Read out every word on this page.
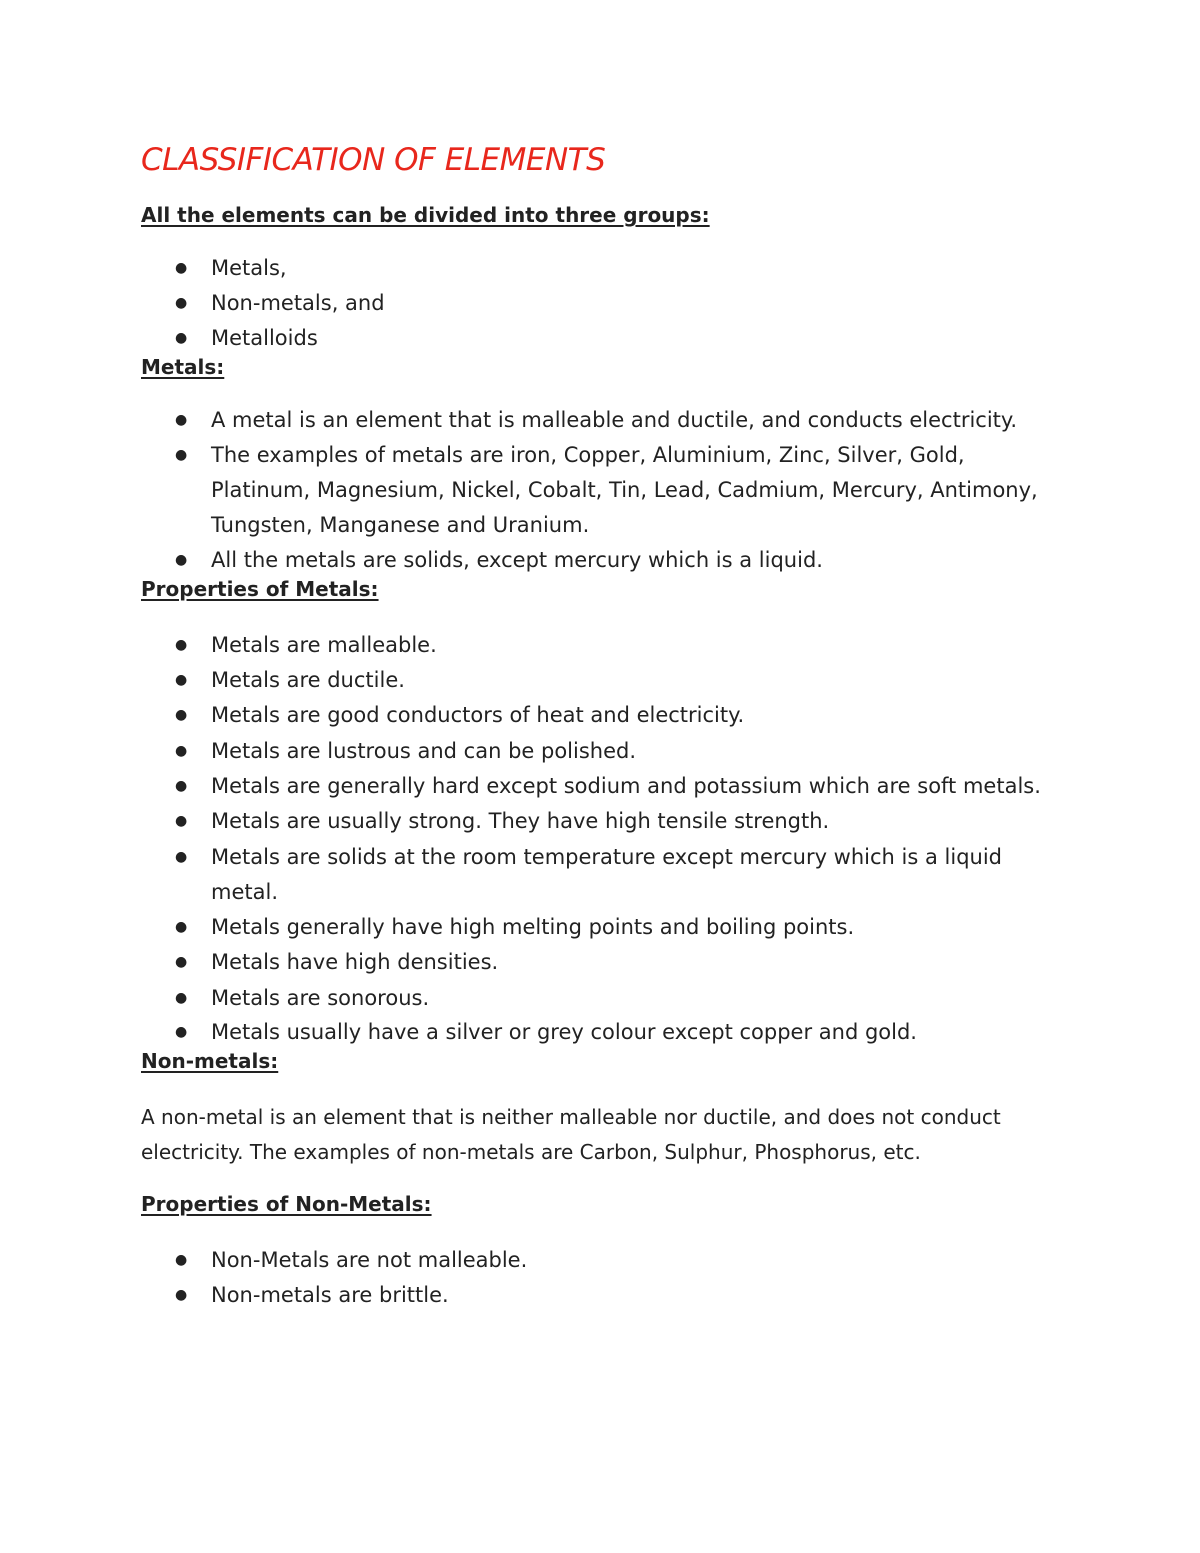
CLASSIFICATION OF ELEMENTS

All the elements can be divided into three groups:

● Metals,
● Non-metals, and
● Metalloids

Metals:

● A metal is an element that is malleable and ductile, and conducts electricity.
● The examples of metals are iron, Copper, Aluminium, Zinc, Silver, Gold, Platinum, Magnesium, Nickel, Cobalt, Tin, Lead, Cadmium, Mercury, Antimony, Tungsten, Manganese and Uranium.
● All the metals are solids, except mercury which is a liquid.

Properties of Metals:

● Metals are malleable.
● Metals are ductile.
● Metals are good conductors of heat and electricity.
● Metals are lustrous and can be polished.
● Metals are generally hard except sodium and potassium which are soft metals.
● Metals are usually strong. They have high tensile strength.
● Metals are solids at the room temperature except mercury which is a liquid metal.
● Metals generally have high melting points and boiling points.
● Metals have high densities.
● Metals are sonorous.
● Metals usually have a silver or grey colour except copper and gold.

Non-metals:

A non-metal is an element that is neither malleable nor ductile, and does not conduct electricity. The examples of non-metals are Carbon, Sulphur, Phosphorus, etc.

Properties of Non-Metals:

● Non-Metals are not malleable.
● Non-metals are brittle.
